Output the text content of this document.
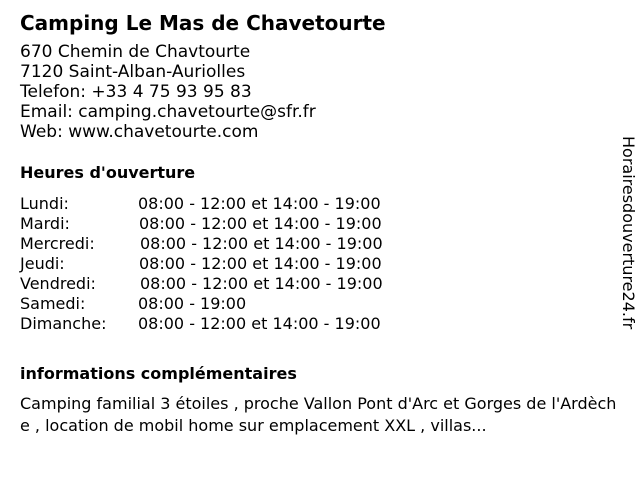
Camping Le Mas de Chavetourte
670 Chemin de Chavtourte
7120 Saint-Alban-Auriolles
Telefon: +33 4 75 93 95 83
Email: camping.chavetourte@sfr.fr
Web: www.chavetourte.com
Heures d'ouverture
Lundi:	08:00 - 12:00 et 14:00 - 19:00
Mardi:	08:00 - 12:00 et 14:00 - 19:00
Mercredi:	08:00 - 12:00 et 14:00 - 19:00
Jeudi:	08:00 - 12:00 et 14:00 - 19:00
Vendredi:	08:00 - 12:00 et 14:00 - 19:00
Samedi:	08:00 - 19:00
Dimanche: 08:00 - 12:00 et 14:00 - 19:00
informations complémentaires
Camping familial 3 étoiles , proche Vallon Pont d'Arc et Gorges de l'Ardèche , location de mobil home sur emplacement XXL , villas...
Horairesdouverture24.fr
